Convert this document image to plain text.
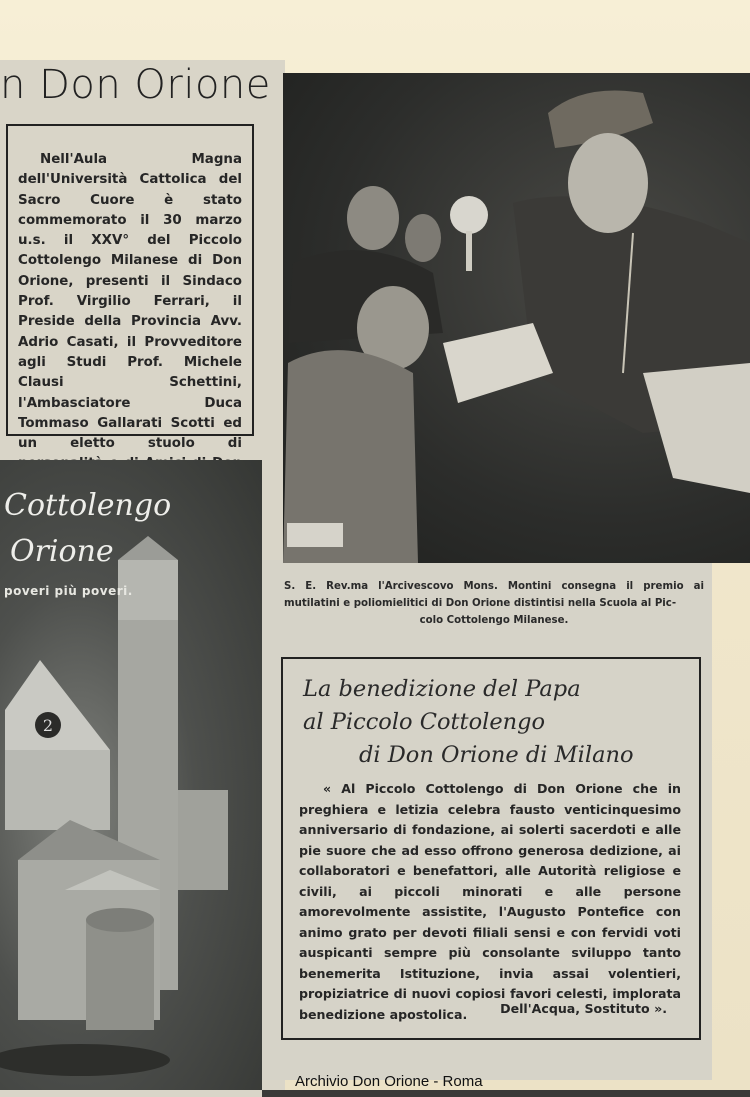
n Don Orione

Nell'Aula Magna dell'Università Cattolica del Sacro Cuore è stato commemorato il 30 marzo u.s. il XXV° del Piccolo Cottolengo Milanese di Don Orione, presenti il Sindaco Prof. Virgilio Ferrari, il Preside della Provincia Avv. Adrio Casati, il Provveditore agli Studi Prof. Michele Clausi Schettini, l'Ambasciatore Duca Tommaso Gallarati Scotti ed un eletto stuolo di

2
Cottolengo
Orione
poveri più poveri.	S. E. Rev.ma l'Arcivescovo Mons. Montini consegna il premio ai mutilatini e poliomielitici di Don Orione distintisi nella Scuola al Pic-
colo Cottolengo Milanese.
La benedizione del Papa
al Piccolo Cottolengo
di Don Orione di Milano

« Al Piccolo Cottolengo di Don Orione che in preghiera e letizia celebra fausto venticinquesimo anniversario di fondazione, ai solerti sacerdoti e alle pie suore che ad esso offrono generosa dedizione, ai collaboratori e benefattori, alle Autorità religiose e civili, ai piccoli minorati e alle persone amorevolmente assistite, l'Augusto Pontefice con animo grato per devoti filiali sensi e con fervidi voti auspicanti sempre più consolante sviluppo tanto benemerita Istituzione, invia assai volentieri, propiziatrice di nuovi copiosi favori celesti, implorata benedizione apostolica.	Dell'Acqua, Sostituto ».
Archivio Don Orione - Roma
